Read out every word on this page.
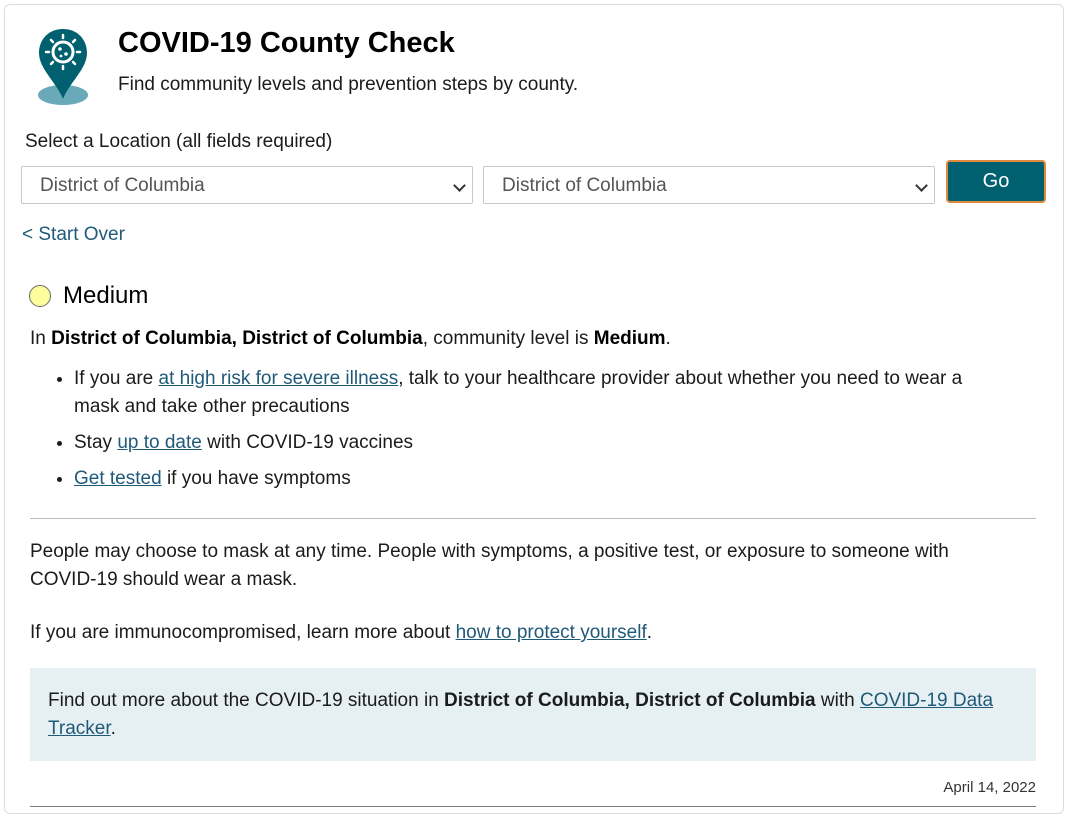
COVID-19 County Check
Find community levels and prevention steps by county.
Select a Location (all fields required)
District of Columbia	District of Columbia	Go
< Start Over
Medium
In District of Columbia, District of Columbia, community level is Medium.
• If you are at high risk for severe illness, talk to your healthcare provider about whether you need to wear a mask and take other precautions
• Stay up to date with COVID-19 vaccines
• Get tested if you have symptoms
People may choose to mask at any time. People with symptoms, a positive test, or exposure to someone with COVID-19 should wear a mask.
If you are immunocompromised, learn more about how to protect yourself.
Find out more about the COVID-19 situation in District of Columbia, District of Columbia with COVID-19 Data Tracker.
April 14, 2022
